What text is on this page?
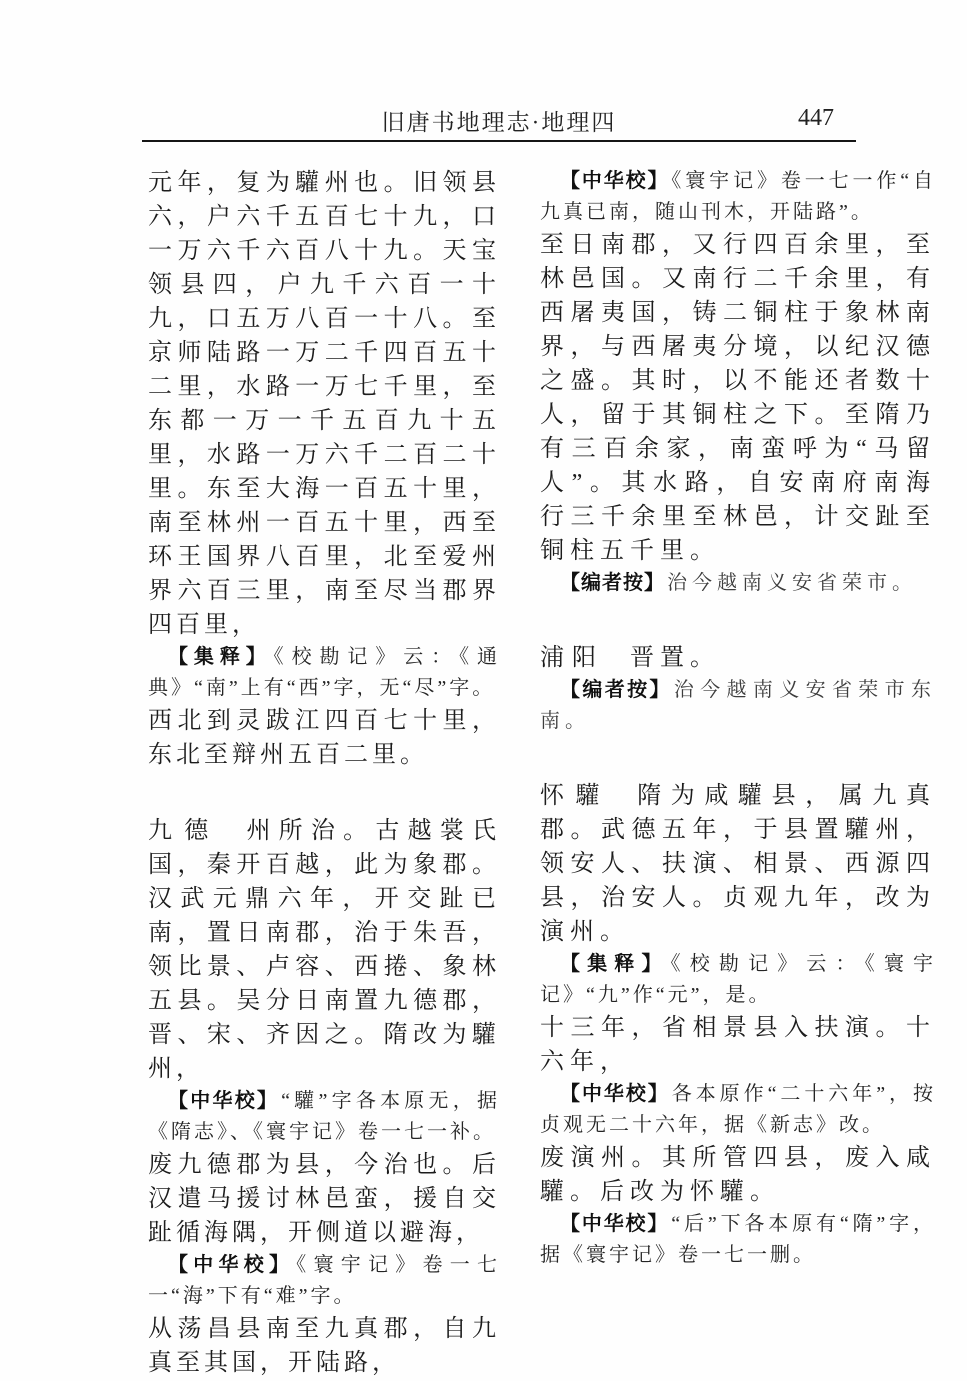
旧唐书地理志·地理四	447

元年，复为驩州也。旧领县六，户六千五百七十九，口一万六千六百八十九。天宝领县四，户九千六百一十九，口五万八百一十八。至京师陆路一万二千四百五十二里，水路一万七千里，至东都一万一千五百九十五里，水路一万六千二百二十里。东至大海一百五十里，南至林州一百五十里，西至环王国界八百里，北至爱州界六百三里，南至尽当郡界四百里，

【集释】 《校勘记》云：《通典》“南”上有“西”字，无“尽”字。

西北到灵跋江四百七十里，东北至辩州五百二里。

九德 州所治。古越裳氏国，秦开百越，此为象郡。汉武元鼎六年，开交趾已南，置日南郡，治于朱吾，领比景、卢容、西捲、象林五县。吴分日南置九德郡，晋、宋、齐因之。隋改为驩州，

【中华校】 “驩”字各本原无，据《隋志》、《寰宇记》卷一七一补。

废九德郡为县，今治也。后汉遣马援讨林邑蛮，援自交趾循海隅，开侧道以避海，

【中华校】 《寰宇记》卷一七一“海”下有“难”字。

从荡昌县南至九真郡，自九真至其国，开陆路，

【中华校】 《寰宇记》卷一七一作“自九真已南，随山刊木，开陆路”。

至日南郡，又行四百余里，至林邑国。又南行二千余里，有西屠夷国，铸二铜柱于象林南界，与西屠夷分境，以纪汉德之盛。其时，以不能还者数十人，留于其铜柱之下。至隋乃有三百余家，南蛮呼为“马留人”。其水路，自安南府南海行三千余里至林邑，计交趾至铜柱五千里。

【编者按】 治今越南义安省荣市。

浦阳 晋置。

【编者按】 治今越南义安省荣市东南。

怀驩 隋为咸驩县，属九真郡。武德五年，于县置驩州，领安人、扶演、相景、西源四县，治安人。贞观九年，改为演州。

【集释】 《校勘记》云：《寰宇记》“九”作“元”，是。

十三年，省相景县入扶演。十六年，

【中华校】 各本原作“二十六年”，按贞观无二十六年，据《新志》改。

废演州。其所管四县，废入咸驩。后改为怀驩。

【中华校】 “后”下各本原有“隋”字，据《寰宇记》卷一七一删。
